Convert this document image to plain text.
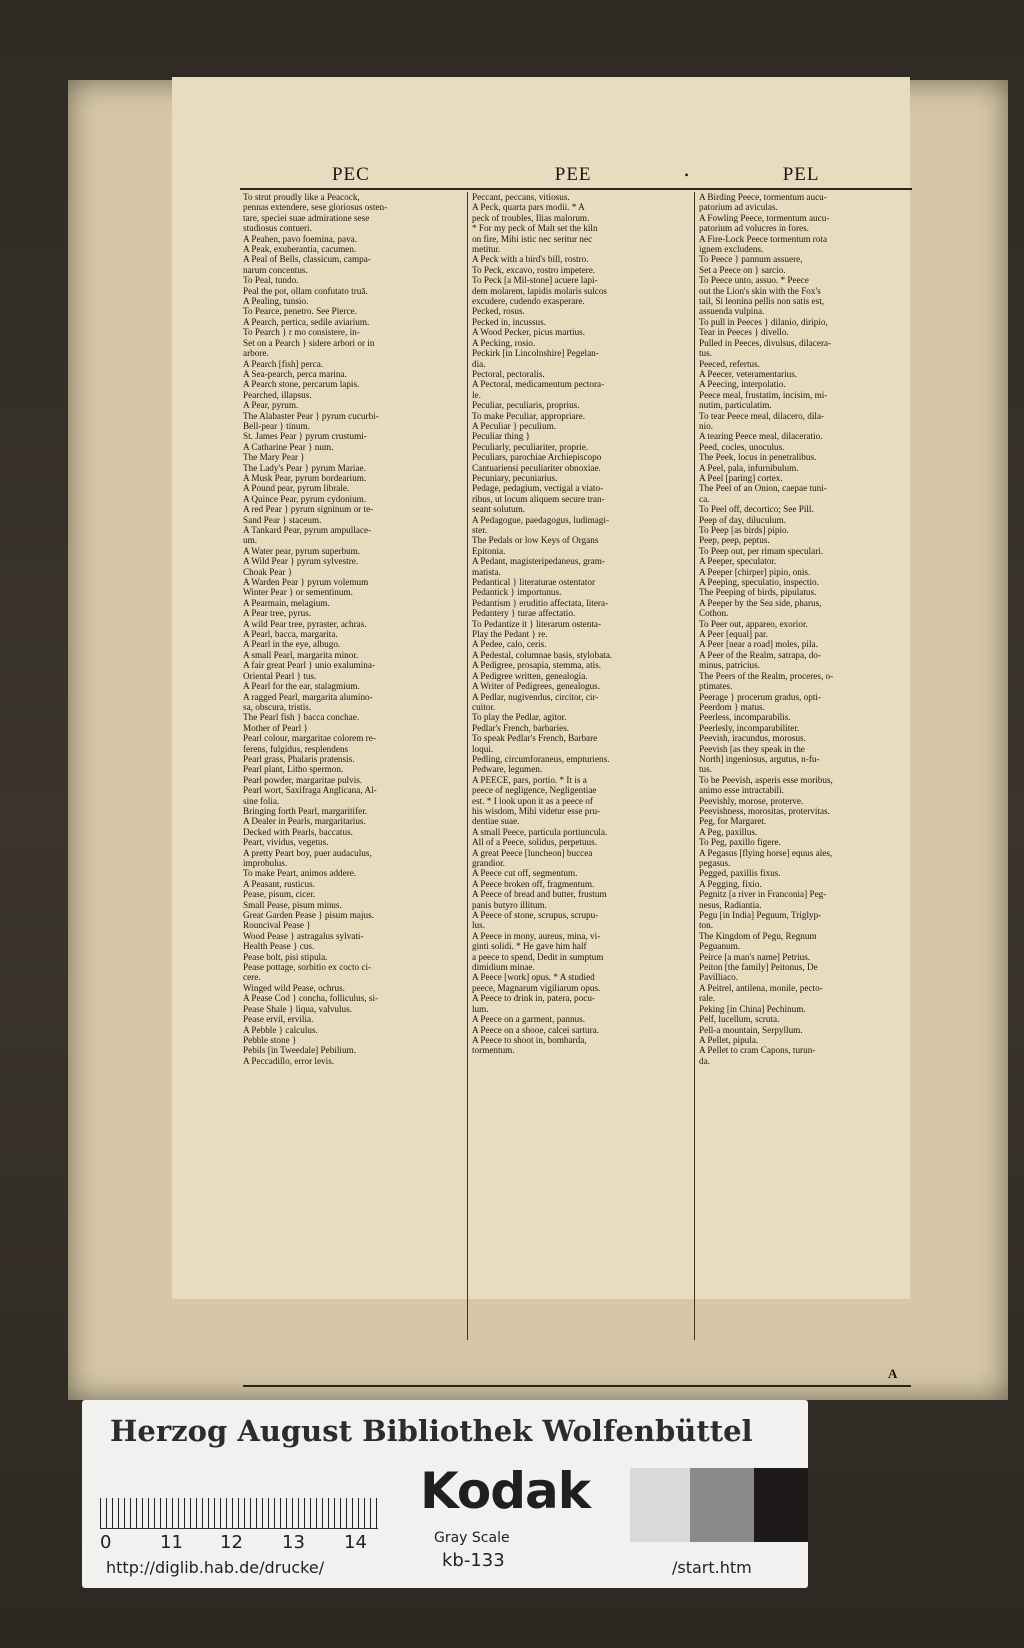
PEC	PEE	•	PEL
To strut proudly like a Peacock,
pennas extendere, sese gloriosus osten-
tare, speciei suae admiratione sese
studiosus contueri.
A Peahen, pavo foemina, pava.
A Peak, exuberantia, cacumen.
A Peal of Bells, classicum, campa-
narum concentus.
To Peal, tundo.
Peal the pot, ollam confutato truā.
A Pealing, tunsio.
To Pearce, penetro. See Pierce.
A Pearch, pertica, sedile aviarium.
To Pearch } r mo consistere, in-
Set on a Pearch } sidere arbori or in
arbore.
A Pearch [fish] perca.
A Sea-pearch, perca marina.
A Pearch stone, percarum lapis.
Pearched, illapsus.
A Pear, pyrum.
The Alabaster Pear } pyrum cucurbi-
Bell-pear } tinum.
St. James Pear } pyrum crustumi-
A Catharine Pear } num.
The Mary Pear }
The Lady's Pear } pyrum Mariae.
A Musk Pear, pyrum bordearium.
A Pound pear, pyrum librale.
A Quince Pear, pyrum cydonium.
A red Pear } pyrum signinum or te-
Sand Pear } staceum.
A Tankard Pear, pyrum ampullace-
um.
A Water pear, pyrum superbum.
A Wild Pear } pyrum sylvestre.
Choak Pear }
A Warden Pear } pyrum volemum
Winter Pear } or sementinum.
A Pearmain, melagium.
A Pear tree, pyrus.
A wild Pear tree, pyraster, achras.
A Pearl, bacca, margarita.
A Pearl in the eye, albugo.
A small Pearl, margarita minor.
A fair great Pearl } unio exalumina-
Oriental Pearl } tus.
A Pearl for the ear, stalagmium.
A ragged Pearl, margarita alumino-
sa, obscura, tristis.
The Pearl fish } bacca conchae.
Mother of Pearl }
Pearl colour, margaritae colorem re-
ferens, fulgidus, resplendens
Pearl grass, Phalaris pratensis.
Pearl plant, Litho spermon.
Pearl powder, margaritae pulvis.
Pearl wort, Saxifraga Anglicana, Al-
sine folia.
Bringing forth Pearl, margaritifer.
A Dealer in Pearls, margaritarius.
Decked with Pearls, baccatus.
Peart, vividus, vegetus.
A pretty Peart boy, puer audaculus,
improbulus.
To make Peart, animos addere.
A Peasant, rusticus.
Pease, pisum, cicer.
Small Pease, pisum minus.
Great Garden Pease } pisum majus.
Rouncival Pease }
Wood Pease } astragalus sylvati-
Health Pease } cus.
Pease bolt, pisi stipula.
Pease pottage, sorbitio ex cocto ci-
cere.
Winged wild Pease, ochrus.
A Pease Cod } concha, folliculus, si-
Pease Shale } liqua, valvulus.
Pease ervil, ervilia.
A Pebble } calculus.
Pebble stone }
Pebils [in Tweedale] Pebilium.
A Peccadillo, error levis.
Peccant, peccans, vitiosus.
A Peck, quarta pars modii. * A
peck of troubles, Ilias malorum.
* For my peck of Malt set the kiln
on fire, Mihi istic nec seritur nec
metitur.
A Peck with a bird's bill, rostro.
To Peck, excavo, rostro impetere.
To Peck [a Mil-stone] acuere lapi-
dem molarem, lapidis molaris sulcos
excudere, cudendo exasperare.
Pecked, rosus.
Pecked in, incussus.
A Wood Pecker, picus martius.
A Pecking, rosio.
Peckirk [in Lincolnshire] Pegelan-
dia.
Pectoral, pectoralis.
A Pectoral, medicamentum pectora-
le.
Peculiar, peculiaris, proprius.
To make Peculiar, appropriare.
A Peculiar } peculium.
Peculiar thing }
Peculiarly, peculiariter, proprie.
Peculiars, parochiae Archiepiscopo
Cantuariensi peculiariter obnoxiae.
Pecuniary, pecuniarius.
Pedage, pedagium, vectigal a viato-
ribus, ut locum aliquem secure tran-
seant solutum.
A Pedagogue, paedagogus, ludimagi-
ster.
The Pedals or low Keys of Organs
Epitonia.
A Pedant, magisteripedaneus, gram-
matista.
Pedantical } literaturae ostentator
Pedantick } importunus.
Pedantism } eruditio affectata, litera-
Pedantery } turae affectatio.
To Pedantize it } literarum ostenta-
Play the Pedant } re.
A Pedee, calo, ceris.
A Pedestal, columnae basis, stylobata.
A Pedigree, prosapia, stemma, atis.
A Pedigree written, genealogia.
A Writer of Pedigrees, genealogus.
A Pedlar, nugivendus, circitor, cir-
cuitor.
To play the Pedlar, agitor.
Pedlar's French, barbaries.
To speak Pedlar's French, Barbare
loqui.
Pedling, circumforaneus, empturiens.
Pedware, legumen.
A PEECE, pars, portio. * It is a
peece of negligence, Negligentiae
est. * I look upon it as a peece of
his wisdom, Mihi videtur esse pru-
dentiae suae.
A small Peece, particula portiuncula.
All of a Peece, solidus, perpetuus.
A great Peece [luncheon] buccea
grandior.
A Peece cut off, segmentum.
A Peece broken off, fragmentum.
A Peece of bread and butter, frustum
panis butyro illitum.
A Peece of stone, scrupus, scrupu-
lus.
A Peece in mony, aureus, mina, vi-
ginti solidi. * He gave him half
a peece to spend, Dedit in sumptum
dimidium minae.
A Peece [work] opus. * A studied
peece, Magnarum vigiliarum opus.
A Peece to drink in, patera, pocu-
lum.
A Peece on a garment, pannus.
A Peece on a shooe, calcei sartura.
A Peece to shoot in, bombarda,
tormentum.
A Birding Peece, tormentum aucu-
patorium ad aviculas.
A Fowling Peece, tormentum aucu-
patorium ad volucres in fores.
A Fire-Lock Peece tormentum rota
ignem excludens.
To Peece } pannum assuere,
Set a Peece on } sarcio.
To Peece unto, assuo. * Peece
out the Lion's skin with the Fox's
tail, Si leonina pellis non satis est,
assuenda vulpina.
To pull in Peeces } dilanio, diripio,
Tear in Peeces } divello.
Pulled in Peeces, divulsus, dilacera-
tus.
Peeced, refertus.
A Peecer, veteramentarius.
A Peecing, interpolatio.
Peece meal, frustatim, incisim, mi-
nutim, particulatim.
To tear Peece meal, dilacero, dila-
nio.
A tearing Peece meal, dilaceratio.
Peed, cocles, unoculus.
The Peek, locus in penetralibus.
A Peel, pala, infurnibulum.
A Peel [paring] cortex.
The Peel of an Onion, caepae tuni-
ca.
To Peel off, decortico; See Pill.
Peep of day, diluculum.
To Peep [as birds] pipio.
Peep, peep, peptus.
To Peep out, per rimam speculari.
A Peeper, speculator.
A Peeper [chirper] pipio, onis.
A Peeping, speculatio, inspectio.
The Peeping of birds, pipulatus.
A Peeper by the Sea side, pharus,
Cothon.
To Peer out, appareo, exorior.
A Peer [equal] par.
A Peer [near a road] moles, pila.
A Peer of the Realm, satrapa, do-
minus, patricius.
The Peers of the Realm, proceres, o-
ptimates.
Peerage } procerum gradus, opti-
Peerdom } matus.
Peerless, incomparabilis.
Peerlesly, incomparabiliter.
Peevish, iracundus, morosus.
Peevish [as they speak in the
North] ingeniosus, argutus, n-fu-
tus.
To be Peevish, asperis esse moribus,
animo esse intractabili.
Peevishly, morose, proterve.
Peevishness, morositas, protervitas.
Peg, for Margaret.
A Peg, paxillus.
To Peg, paxillo figere.
A Pegasus [flying horse] equus ales,
pegasus.
Pegged, paxillis fixus.
A Pegging, fixio.
Pegnitz [a river in Franconia] Peg-
nesus, Radiantia.
Pegu [in India] Peguum, Triglyp-
ton.
The Kingdom of Pegu, Regnum
Peguanum.
Peirce [a man's name] Petrius.
Peiton [the family] Peitonus, De
Pavilliaco.
A Peitrel, antilena, monile, pecto-
rale.
Peking [in China] Pechinum.
Pelf, lucellum, scruta.
Pell-a mountain, Serpyllum.
A Pellet, pipula.
A Pellet to cram Capons, turun-
da.
A
Herzog August Bibliothek Wolfenbüttel
0	11 12 13 14
Kodak
Gray Scale
http://diglib.hab.de/drucke/	kb-133	/start.htm
